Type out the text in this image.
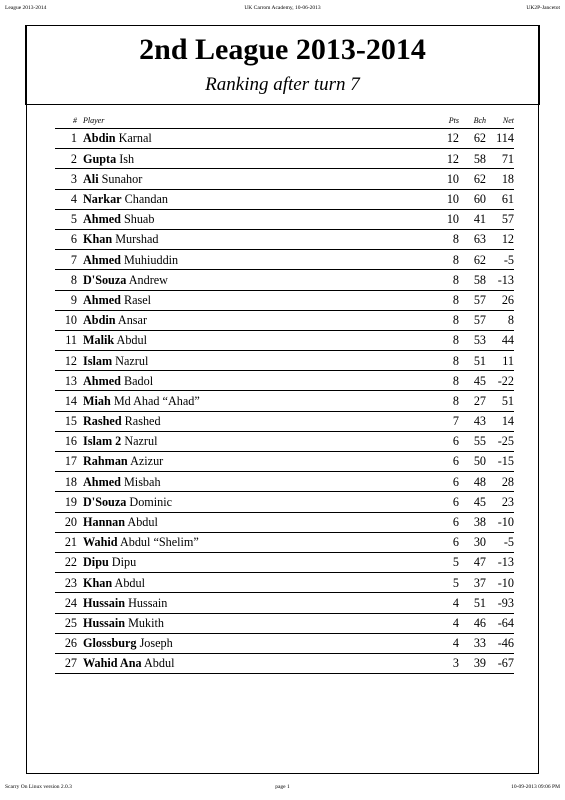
League 2013-2014	UK Carrom Academy, 10-06-2013	UK2P-Jancetot
2nd League 2013-2014
Ranking after turn 7
#	Player	Pts	Bch	Net
1	Abdin Karnal	12	62	114
2	Gupta Ish	12	58	71
3	Ali Sunahor	10	62	18
4	Narkar Chandan	10	60	61
5	Ahmed Shuab	10	41	57
6	Khan Murshad	8	63	12
7	Ahmed Muhiuddin	8	62	-5
8	D'Souza Andrew	8	58	-13
9	Ahmed Rasel	8	57	26
10	Abdin Ansar	8	57	8
11	Malik Abdul	8	53	44
12	Islam Nazrul	8	51	11
13	Ahmed Badol	8	45	-22
14	Miah Md Ahad “Ahad”	8	27	51
15	Rashed Rashed	7	43	14
16	Islam 2 Nazrul	6	55	-25
17	Rahman Azizur	6	50	-15
18	Ahmed Misbah	6	48	28
19	D'Souza Dominic	6	45	23
20	Hannan Abdul	6	38	-10
21	Wahid Abdul “Shelim”	6	30	-5
22	Dipu Dipu	5	47	-13
23	Khan Abdul	5	37	-10
24	Hussain Hussain	4	51	-93
25	Hussain Mukith	4	46	-64
26	Glossburg Joseph	4	33	-46
27	Wahid Ana Abdul	3	39	-67
Scarry On Linux version 2.0.3	page 1	10-09-2013 09:06 PM
